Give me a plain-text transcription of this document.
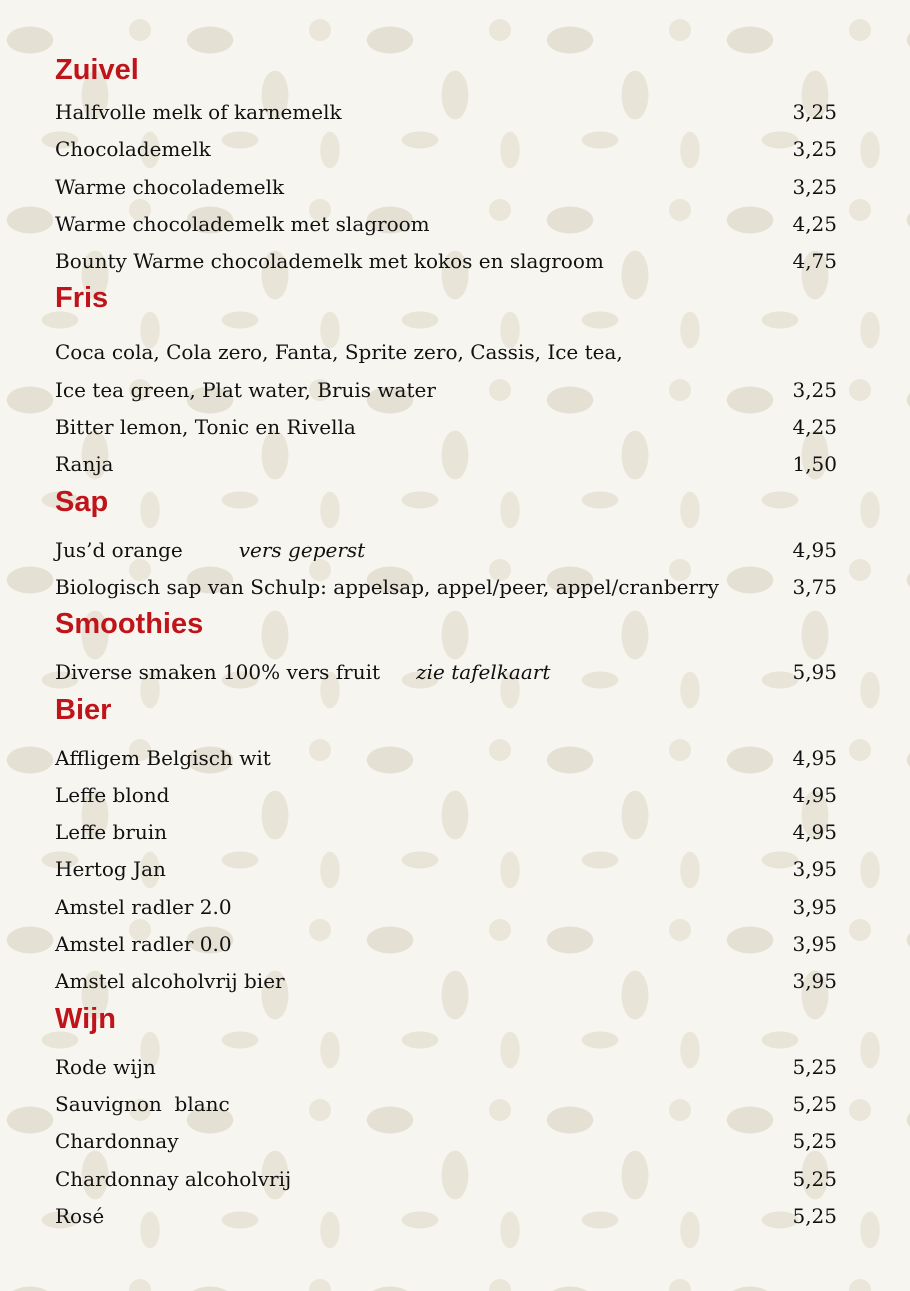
Zuivel
Halfvolle melk of karnemelk	3,25
Chocolademelk	3,25
Warme chocolademelk	3,25
Warme chocolademelk met slagroom	4,25
Bounty Warme chocolademelk met kokos en slagroom	4,75
Fris
Coca cola, Cola zero, Fanta, Sprite zero, Cassis, Ice tea,
Ice tea green, Plat water, Bruis water	3,25
Bitter lemon, Tonic en Rivella	4,25
Ranja	1,50
Sap
Jus’d orange	vers geperst	4,95
Biologisch sap van Schulp: appelsap, appel/peer, appel/cranberry	3,75
Smoothies
Diverse smaken 100% vers fruit zie tafelkaart	5,95
Bier
Affligem Belgisch wit	4,95
Leffe blond	4,95
Leffe bruin	4,95
Hertog Jan	3,95
Amstel radler 2.0	3,95
Amstel radler 0.0	3,95
Amstel alcoholvrij bier	3,95
Wijn
Rode wijn	5,25
Sauvignon  blanc	5,25
Chardonnay	5,25
Chardonnay alcoholvrij	5,25
Rosé	5,25
